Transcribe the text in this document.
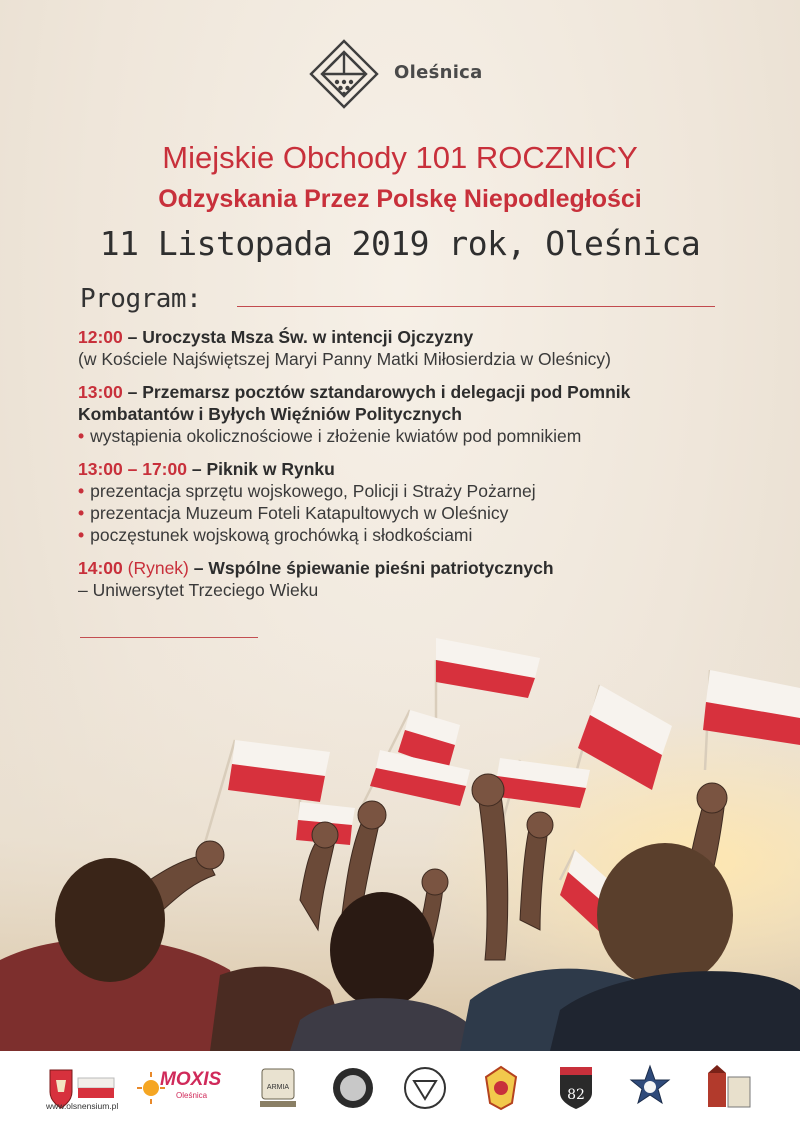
Oleśnica
Miejskie Obchody 101 ROCZNICY
Odzyskania Przez Polskę Niepodległości
11 Listopada 2019 rok, Oleśnica
Program:
12:00 – Uroczysta Msza Św. w intencji Ojczyzny
(w Kościele Najświętszej Maryi Panny Matki Miłosierdzia w Oleśnicy)
13:00 – Przemarsz pocztów sztandarowych i delegacji pod Pomnik
Kombatantów i Byłych Więźniów Politycznych
• wystąpienia okolicznościowe i złożenie kwiatów pod pomnikiem
13:00 – 17:00 – Piknik w Rynku
• prezentacja sprzętu wojskowego, Policji i Straży Pożarnej
• prezentacja Muzeum Foteli Katapultowych w Oleśnicy
• poczęstunek wojskową grochówką i słodkościami
14:00 (Rynek) – Wspólne śpiewanie pieśni patriotycznych
– Uniwersytet Trzeciego Wieku
www.olsnensium.pl
MOXIS
Oleśnica
ARMIA	82
